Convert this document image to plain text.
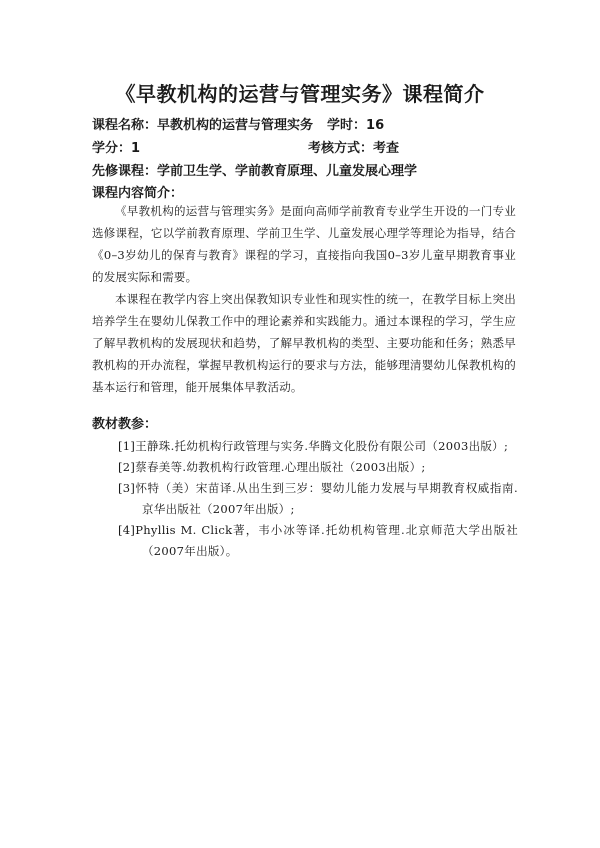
《早教机构的运营与管理实务》课程简介
课程名称：早教机构的运营与管理实务 学时：16
学分：1	考核方式：考查
先修课程：学前卫生学、学前教育原理、儿童发展心理学
课程内容简介：

《早教机构的运营与管理实务》是面向高师学前教育专业学生开设的一门专业选修课程，它以学前教育原理、学前卫生学、儿童发展心理学等理论为指导，结合《0–3岁幼儿的保育与教育》课程的学习，直接指向我国0–3岁儿童早期教育事业的发展实际和需要。

本课程在教学内容上突出保教知识专业性和现实性的统一，在教学目标上突出培养学生在婴幼儿保教工作中的理论素养和实践能力。通过本课程的学习，学生应了解早教机构的发展现状和趋势，了解早教机构的类型、主要功能和任务；熟悉早教机构的开办流程，掌握早教机构运行的要求与方法，能够理清婴幼儿保教机构的基本运行和管理，能开展集体早教活动。

教材教参：
[1]王静珠.托幼机构行政管理与实务.华腾文化股份有限公司（2003出版）;
[2]蔡春美等.幼教机构行政管理.心理出版社（2003出版）;
[3]怀特（美）宋苗译.从出生到三岁：婴幼儿能力发展与早期教育权威指南.京华出版社（2007年出版）;
[4]Phyllis M. Click著，韦小冰等译.托幼机构管理.北京师范大学出版社（2007年出版）。
